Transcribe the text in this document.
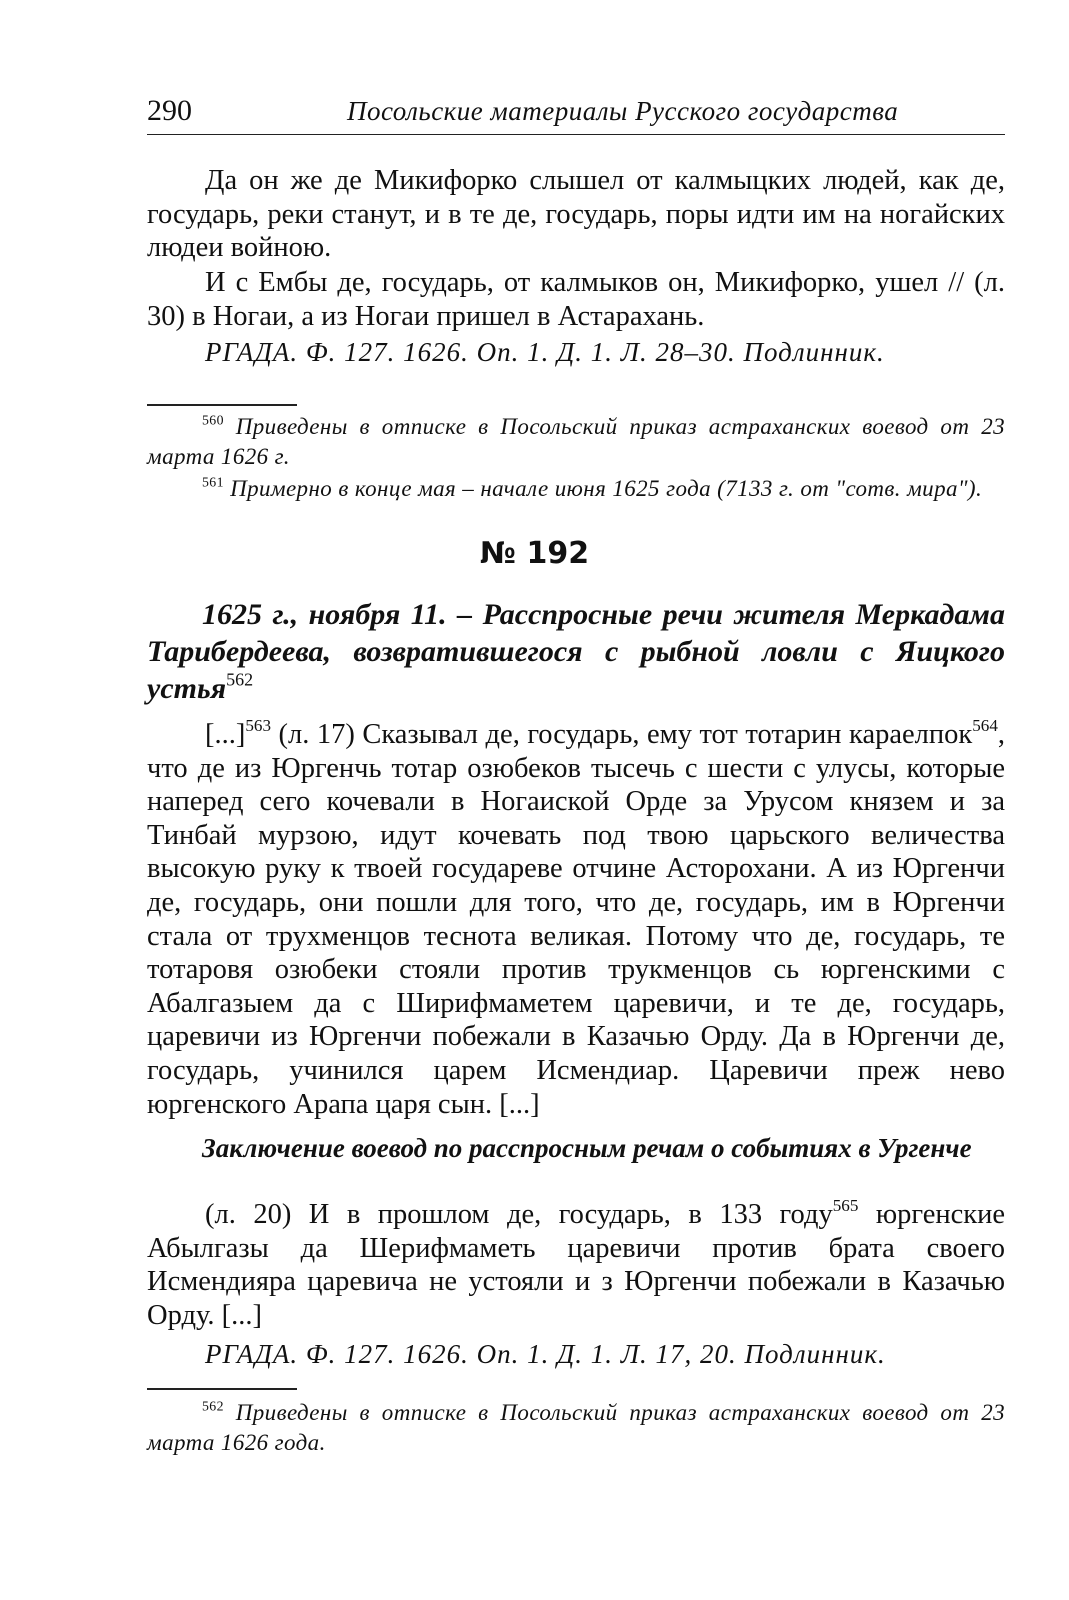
290	Посольские материалы Русского государства

Да он же де Микифорко слышел от калмыцких людей, как де, государь, реки станут, и в те де, государь, поры идти им на ногайских людеи войною.

И с Ембы де, государь, от калмыков он, Микифорко, ушел // (л. 30) в Ногаи, а из Ногаи пришел в Астарахань.

РГАДА. Ф. 127. 1626. Оп. 1. Д. 1. Л. 28–30. Подлинник.

$^{560}$ Приведены в отписке в Посольский приказ астраханских воевод от 23 марта 1626 г.

$^{561}$ Примерно в конце мая – начале июня 1625 года (7133 г. от "сотв. мира").

№ 192

1625 г., ноября 11. – Расспросные речи жителя Меркадама Тарибердеева, возвратившегося с рыбной ловли с Яицкого устья$^{562}$

[...]$^{563}$ (л. 17) Сказывал де, государь, ему тот тотарин караелпок$^{564}$, что де из Юргенчь тотар озюбеков тысечь с шести с улусы, которые наперед сего кочевали в Ногаиской Орде за Урусом князем и за Тинбай мурзою, идут кочевать под твою царьского величества высокую руку к твоей государеве отчине Асторохани. А из Юргенчи де, государь, они пошли для того, что де, государь, им в Юргенчи стала от трухменцов теснота великая. Потому что де, государь, те тотаровя озюбеки стояли против трукменцов сь юргенскими с Абалгазыем да с Ширифмаметем царевичи, и те де, государь, царевичи из Юргенчи побежали в Казачью Орду. Да в Юргенчи де, государь, учинился царем Исмендиар. Царевичи преж нево юргенского Арапа царя сын. [...]

Заключение воевод по расспросным речам о событиях в Ургенче

(л. 20) И в прошлом де, государь, в 133 году$^{565}$ юргенские Абылгазы да Шерифмаметь царевичи против брата своего Исмендияра царевича не устояли и з Юргенчи побежали в Казачью Орду. [...]

РГАДА. Ф. 127. 1626. Оп. 1. Д. 1. Л. 17, 20. Подлинник.

$^{562}$ Приведены в отписке в Посольский приказ астраханских воевод от 23 марта 1626 года.
